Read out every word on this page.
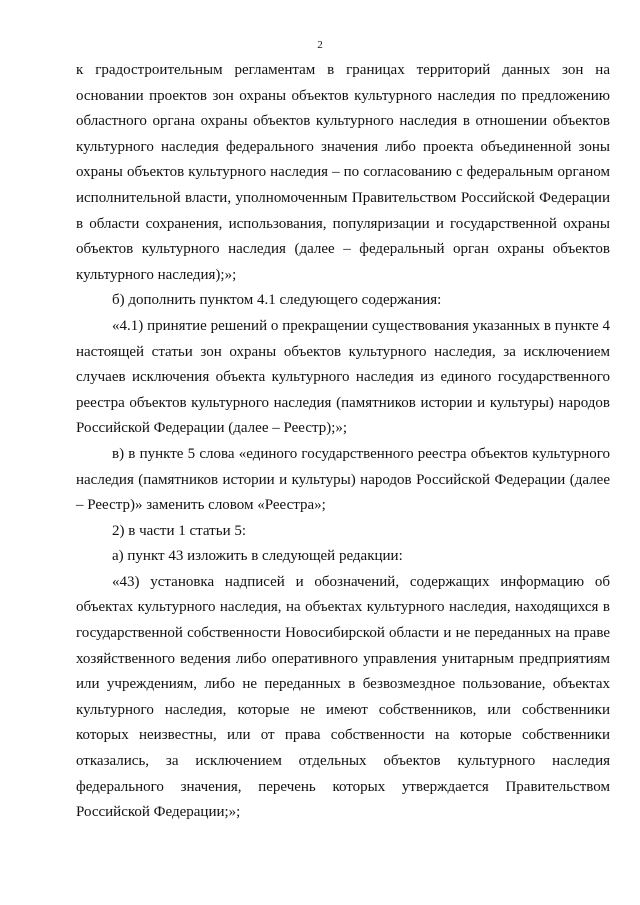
2

к градостроительным регламентам в границах территорий данных зон на основании проектов зон охраны объектов культурного наследия по предложению областного органа охраны объектов культурного наследия в отношении объектов культурного наследия федерального значения либо проекта объединенной зоны охраны объектов культурного наследия – по согласованию с федеральным органом исполнительной власти, уполномоченным Правительством Российской Федерации в области сохранения, использования, популяризации и государственной охраны объектов культурного наследия (далее – федеральный орган охраны объектов культурного наследия);»;

б) дополнить пунктом 4.1 следующего содержания:

«4.1) принятие решений о прекращении существования указанных в пункте 4 настоящей статьи зон охраны объектов культурного наследия, за исключением случаев исключения объекта культурного наследия из единого государственного реестра объектов культурного наследия (памятников истории и культуры) народов Российской Федерации (далее – Реестр);»;

в) в пункте 5 слова «единого государственного реестра объектов культурного наследия (памятников истории и культуры) народов Российской Федерации (далее – Реестр)» заменить словом «Реестра»;

2) в части 1 статьи 5:

а) пункт 43 изложить в следующей редакции:

«43) установка надписей и обозначений, содержащих информацию об объектах культурного наследия, на объектах культурного наследия, находящихся в государственной собственности Новосибирской области и не переданных на праве хозяйственного ведения либо оперативного управления унитарным предприятиям или учреждениям, либо не переданных в безвозмездное пользование, объектах культурного наследия, которые не имеют собственников, или собственники которых неизвестны, или от права собственности на которые собственники отказались, за исключением отдельных объектов культурного наследия федерального значения, перечень которых утверждается Правительством Российской Федерации;»;
